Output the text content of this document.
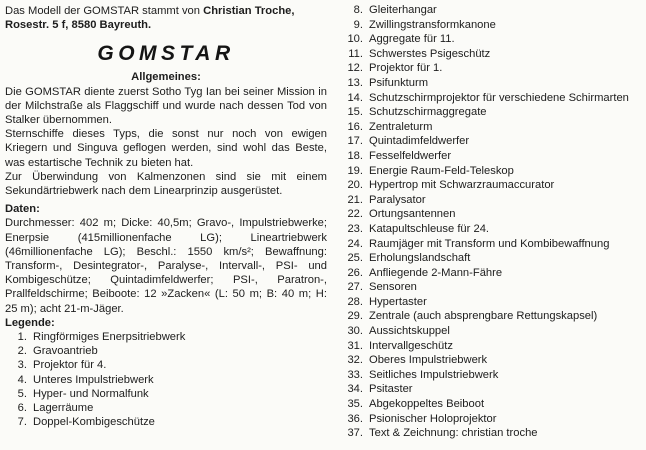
Das Modell der GOMSTAR stammt von Christian Troche,
Rosestr. 5 f, 8580 Bayreuth.

GOMSTAR
Allgemeines:

Die GOMSTAR diente zuerst Sotho Tyg Ian bei seiner Mission in der Milchstraße als Flaggschiff und wurde nach dessen Tod von Stalker übernommen.

Sternschiffe dieses Typs, die sonst nur noch von ewigen Kriegern und Singuva geflogen werden, sind wohl das Beste, was estartische Technik zu bieten hat.

Zur Überwindung von Kalmenzonen sind sie mit einem Sekundärtriebwerk nach dem Linearprinzip ausgerüstet.

Daten:

Durchmesser: 402 m; Dicke: 40,5m; Gravo-, Impulstriebwerke; Enerpsie (415millionenfache LG); Lineartriebwerk (46millionenfache LG); Beschl.: 1550 km/s²; Bewaffnung: Transform-, Desintegrator-, Paralyse-, Intervall-, PSI- und Kombigeschütze; Quintadimfeldwerfer; PSI-, Paratron-, Prallfeldschirme; Beiboote: 12 »Zacken« (L: 50 m; B: 40 m; H: 25 m); acht 21-m-Jäger.

Legende:
1. Ringförmiges Enerpsitriebwerk
2. Gravoantrieb
3. Projektor für 4.
4. Unteres Impulstriebwerk
5. Hyper- und Normalfunk
6. Lagerräume
7. Doppel-Kombigeschütze
8. Gleiterhangar
9. Zwillingstransformkanone
10. Aggregate für 11.
11. Schwerstes Psigeschütz
12. Projektor für 1.
13. Psifunkturm
14. Schutzschirmprojektor für verschiedene Schirmarten
15. Schutzschirmaggregate
16. Zentraleturm
17. Quintadimfeldwerfer
18. Fesselfeldwerfer
19. Energie Raum-Feld-Teleskop
20. Hypertrop mit Schwarzraumaccurator
21. Paralysator
22. Ortungsantennen
23. Katapultschleuse für 24.
24. Raumjäger mit Transform und Kombibewaffnung
25. Erholungslandschaft
26. Anfliegende 2-Mann-Fähre
27. Sensoren
28. Hypertaster
29. Zentrale (auch absprengbare Rettungskapsel)
30. Aussichtskuppel
31. Intervallgeschütz
32. Oberes Impulstriebwerk
33. Seitliches Impulstriebwerk
34. Psitaster
35. Abgekoppeltes Beiboot
36. Psionischer Holoprojektor
37. Text & Zeichnung: christian troche
